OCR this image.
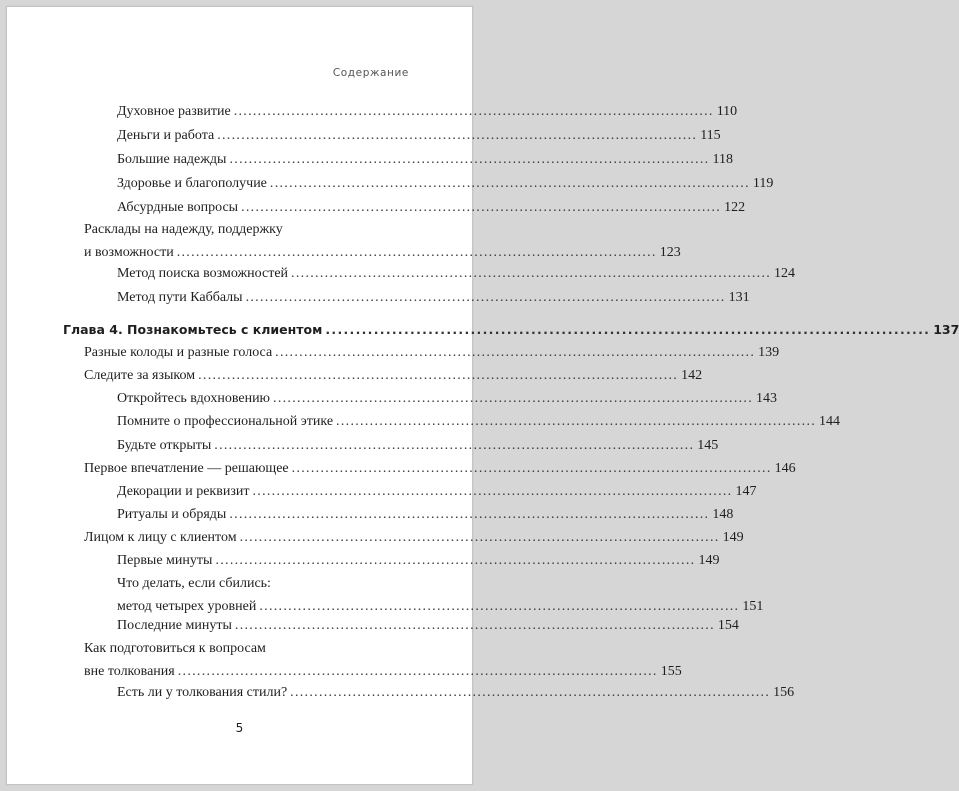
Содержание
Духовное развитие .................................................................................................... 110
Деньги и работа .................................................................................................... 115
Большие надежды .................................................................................................... 118
Здоровье и благополучие .................................................................................................... 119
Абсурдные вопросы .................................................................................................... 122
Расклады на надежду, поддержку
и возможности .................................................................................................... 123
Метод поиска возможностей .................................................................................................... 124
Метод пути Каббалы .................................................................................................... 131
Глава 4. Познакомьтесь с клиентом .................................................................................................... 137
Разные колоды и разные голоса .................................................................................................... 139
Следите за языком .................................................................................................... 142
Откройтесь вдохновению .................................................................................................... 143
Помните о профессиональной этике .................................................................................................... 144
Будьте открыты .................................................................................................... 145
Первое впечатление — решающее .................................................................................................... 146
Декорации и реквизит .................................................................................................... 147
Ритуалы и обряды .................................................................................................... 148
Лицом к лицу с клиентом .................................................................................................... 149
Первые минуты .................................................................................................... 149
Что делать, если сбились:
метод четырех уровней .................................................................................................... 151
Последние минуты .................................................................................................... 154
Как подготовиться к вопросам
вне толкования .................................................................................................... 155
Есть ли у толкования стили? .................................................................................................... 156
5
